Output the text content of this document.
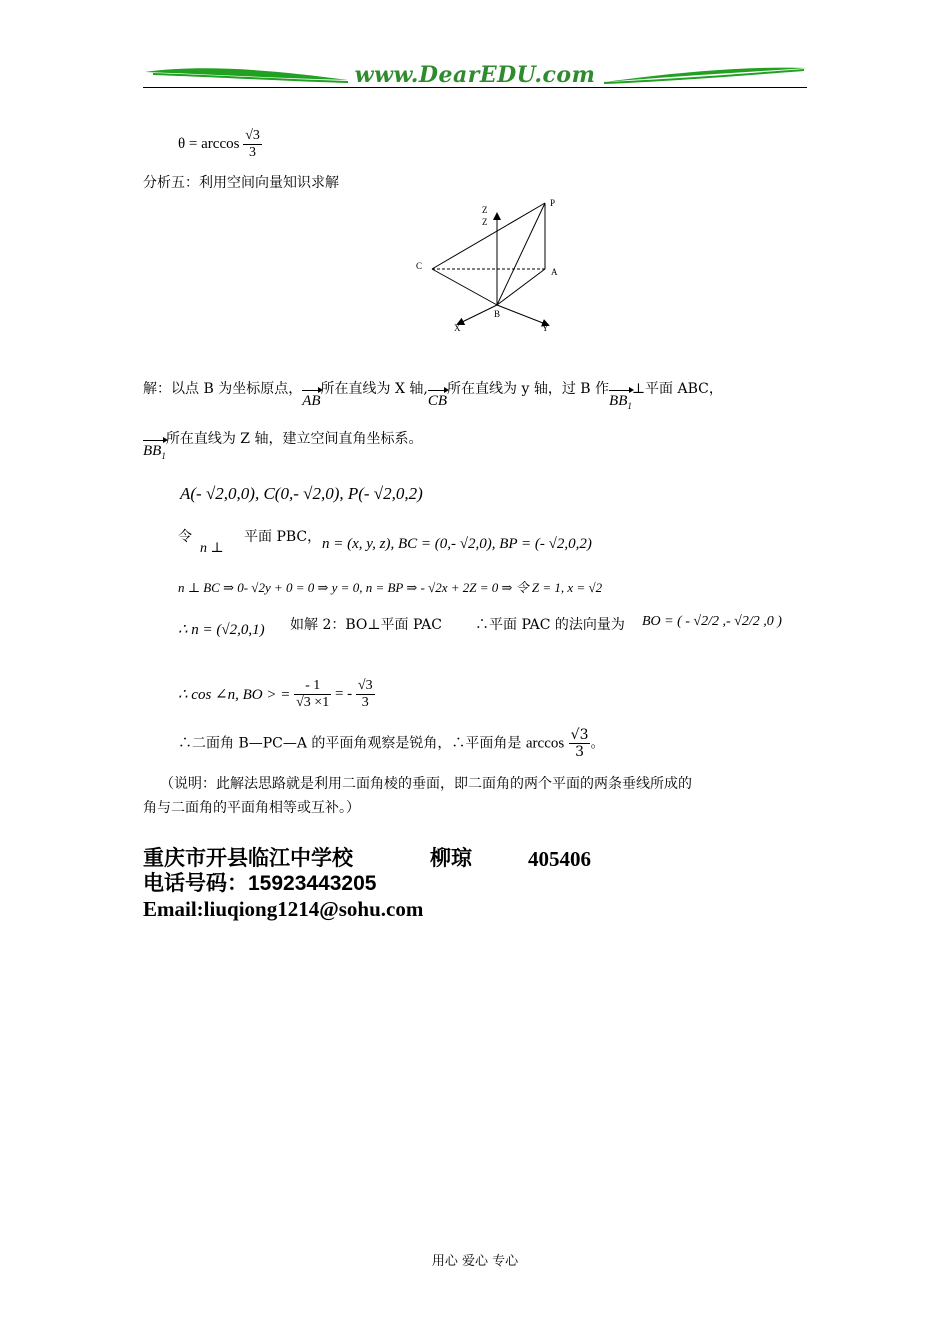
www.DearEDU.com
$\theta = \arccos \frac{√3}{3}$
分析五：利用空间向量知识求解
Z
Z
P
C
A
B
X	Y
解：以点 B 为坐标原点，AB所在直线为 X 轴,CB所在直线为 y 轴，过 B 作$BB_1\perp$平面 ABC，
$BB_1$所在直线为 Z 轴，建立空间直角坐标系。
A(- √2,0,0), C(0,- √2,0), P(- √2,0,2)
令
n ⊥
平面 PBC， n = (x, y, z), BC = (0,- √2,0), BP = (- √2,0,2)
n ⊥ BC ⇒ 0- √2y + 0 = 0 ⇒ y = 0, n = BP ⇒ - √2x + 2Z = 0 ⇒ 令 Z = 1, x = √2
∴ n = (√2,0,1) 如解 2：BO⊥平面 PAC ∴平面 PAC 的法向量为 BO = ( - √2/2 ,- √2/2 ,0 )
∴ cos ∠n, BO > = $\frac{- 1}{√3 \times 1}$ = - $\frac{√3}{3}$
∴二面角 B—PC—A 的平面角观察是锐角，∴平面角是 $\arccos \frac{√3}{3}$ 。
（说明：此解法思路就是利用二面角棱的垂面，即二面角的两个平面的两条垂线所成的
角与二面角的平面角相等或互补。）
重庆市开县临江中学校	柳琼	405406
电话号码：15923443205
Email:liuqiong1214@sohu.com
用心 爱心 专心
